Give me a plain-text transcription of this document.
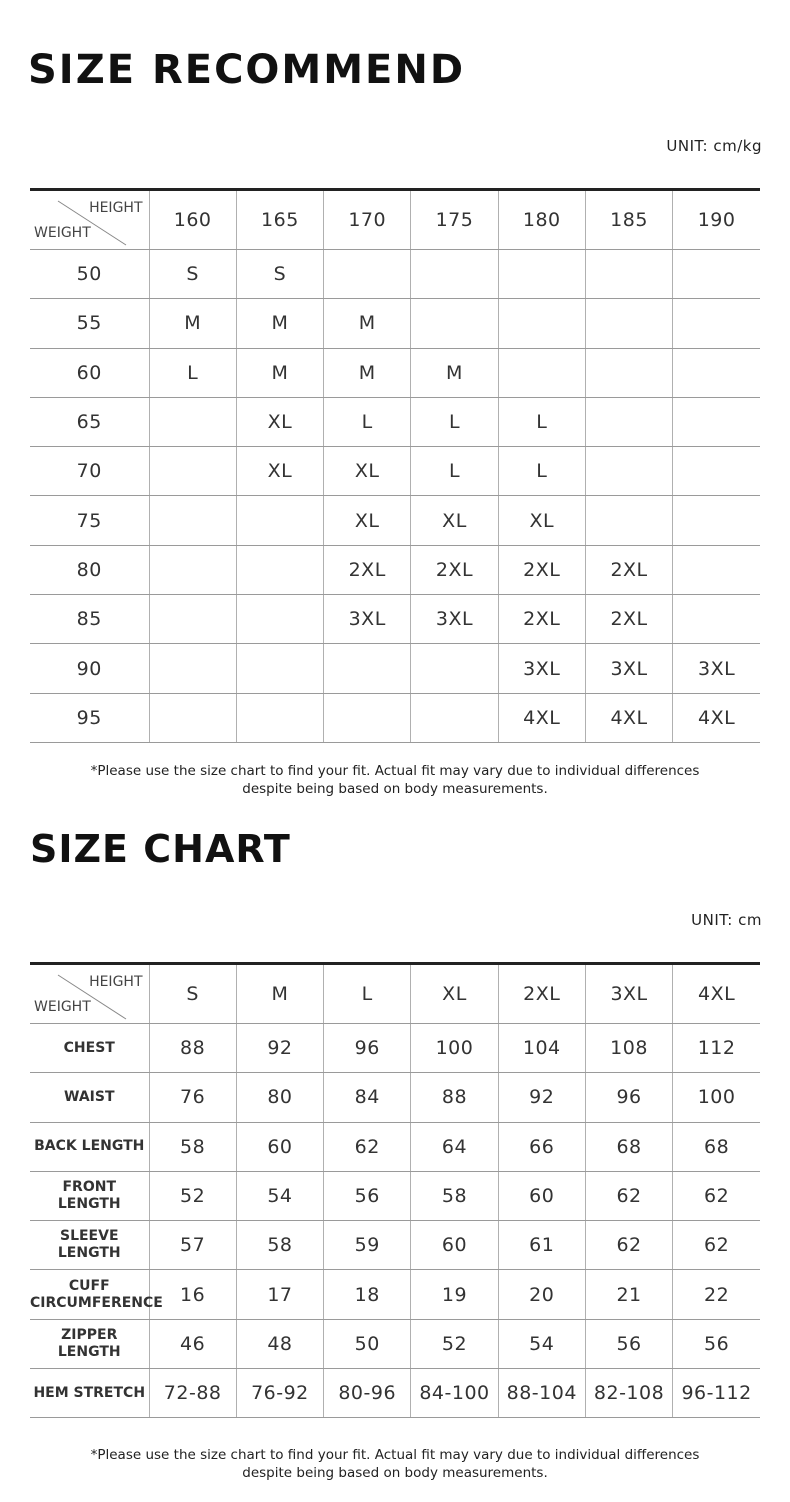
SIZE RECOMMEND
UNIT: cm/kg
HEIGHT
WEIGHT	160	165	170	175	180	185	190
50	S	S					
55	M	M	M				
60	L	M	M	M			
65		XL	L	L	L		
70		XL	XL	L	L		
75			XL	XL	XL		
80			2XL	2XL	2XL	2XL	
85			3XL	3XL	2XL	2XL	
90					3XL	3XL	3XL
95					4XL	4XL	4XL
*Please use the size chart to find your fit. Actual fit may vary due to individual differences
despite being based on body measurements.
SIZE CHART
UNIT: cm
HEIGHT
WEIGHT	S	M	L	XL	2XL	3XL	4XL

CHEST	88	92	96	100	104	108	112

WAIST	76	80	84	88	92	96	100

BACK LENGTH	58	60	62	64	66	68	68

FRONT LENGTH	52	54	56	58	60	62	62

SLEEVE LENGTH	57	58	59	60	61	62	62

CUFF
CIRCUMFERENCE	16	17	18	19	20	21	22

ZIPPER LENGTH	46	48	50	52	54	56	56

HEM STRETCH	72-88	76-92	80-96	84-100	88-104	82-108	96-112
*Please use the size chart to find your fit. Actual fit may vary due to individual differences
despite being based on body measurements.
